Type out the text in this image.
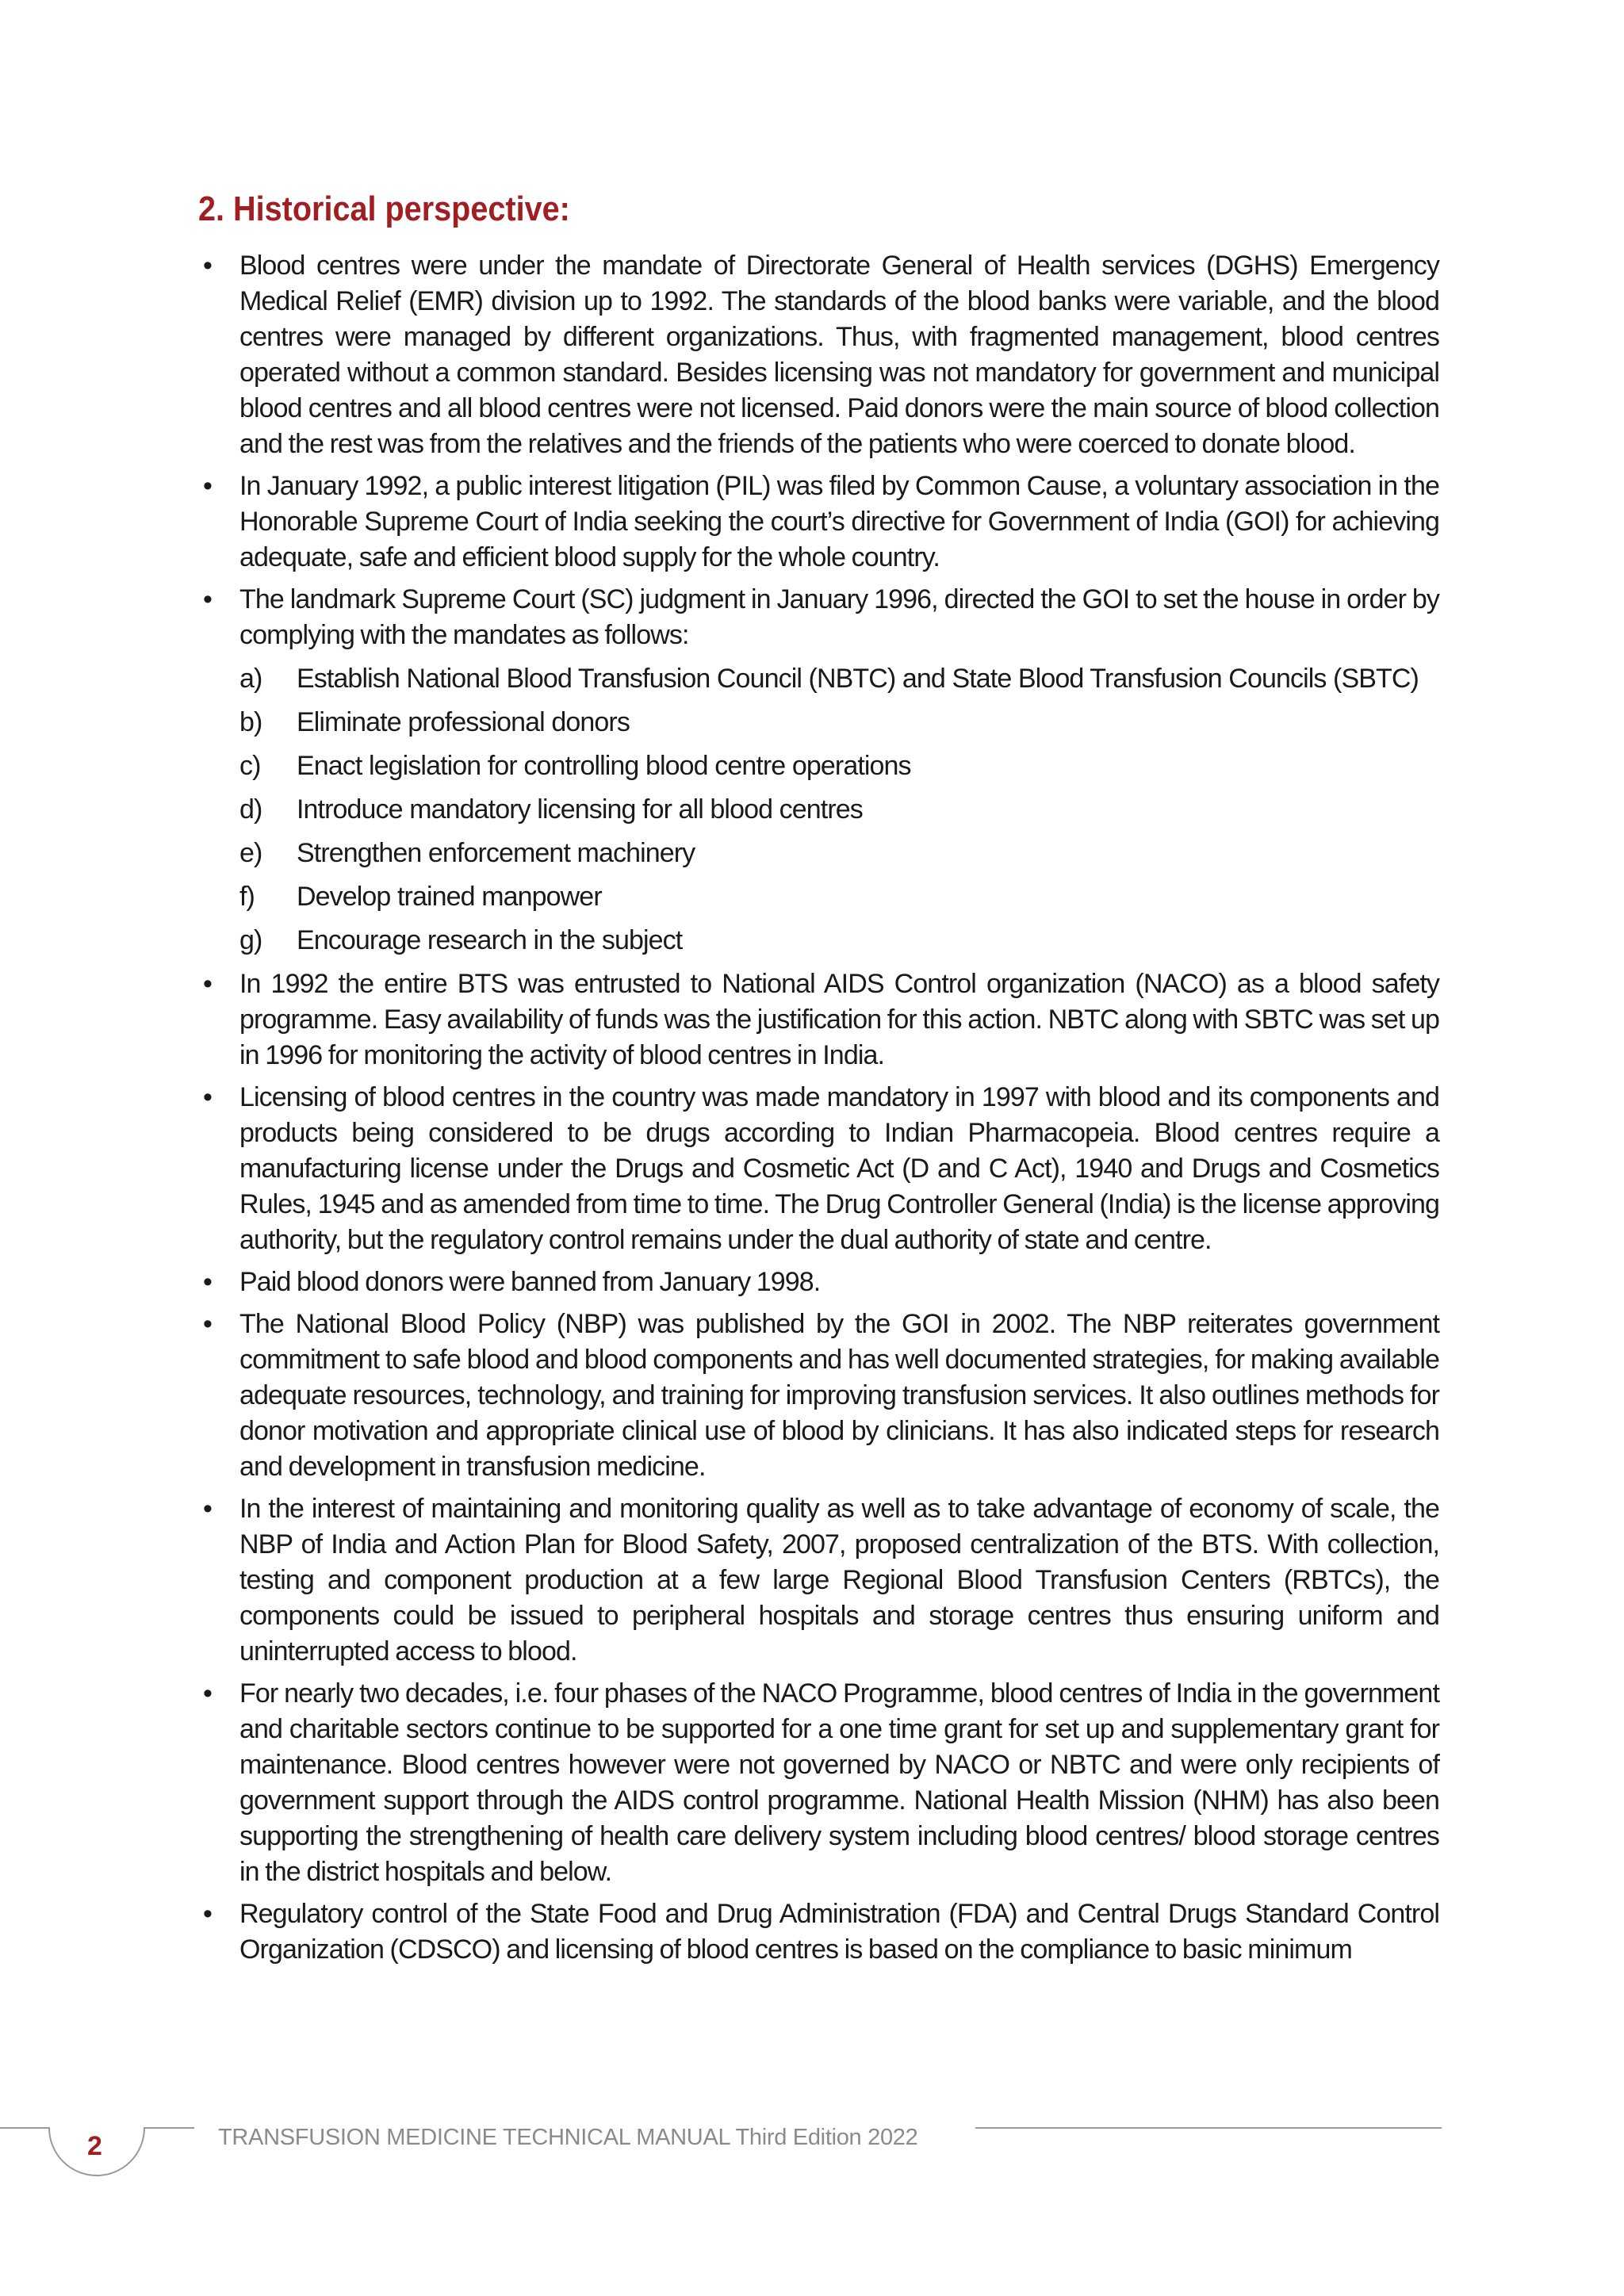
2. Historical perspective:
• Blood centres were under the mandate of Directorate General of Health services (DGHS) Emergency Medical Relief (EMR) division up to 1992. The standards of the blood banks were variable, and the blood centres were managed by different organizations. Thus, with fragmented management, blood centres operated without a common standard. Besides licensing was not mandatory for government and municipal blood centres and all blood centres were not licensed. Paid donors were the main source of blood collection and the rest was from the relatives and the friends of the patients who were coerced to donate blood.
• In January 1992, a public interest litigation (PIL) was filed by Common Cause, a voluntary association in the Honorable Supreme Court of India seeking the court’s directive for Government of India (GOI) for achieving adequate, safe and efficient blood supply for the whole country.
• The landmark Supreme Court (SC) judgment in January 1996, directed the GOI to set the house in order by complying with the mandates as follows:
a) Establish National Blood Transfusion Council (NBTC) and State Blood Transfusion Councils (SBTC)
b) Eliminate professional donors
c) Enact legislation for controlling blood centre operations
d) Introduce mandatory licensing for all blood centres
e) Strengthen enforcement machinery
f) Develop trained manpower
g) Encourage research in the subject
• In 1992 the entire BTS was entrusted to National AIDS Control organization (NACO) as a blood safety programme. Easy availability of funds was the justification for this action. NBTC along with SBTC was set up in 1996 for monitoring the activity of blood centres in India.
• Licensing of blood centres in the country was made mandatory in 1997 with blood and its components and products being considered to be drugs according to Indian Pharmacopeia. Blood centres require a manufacturing license under the Drugs and Cosmetic Act (D and C Act), 1940 and Drugs and Cosmetics Rules, 1945 and as amended from time to time. The Drug Controller General (India) is the license approving authority, but the regulatory control remains under the dual authority of state and centre.
• Paid blood donors were banned from January 1998.
• The National Blood Policy (NBP) was published by the GOI in 2002. The NBP reiterates government commitment to safe blood and blood components and has well documented strategies, for making available adequate resources, technology, and training for improving transfusion services. It also outlines methods for donor motivation and appropriate clinical use of blood by clinicians. It has also indicated steps for research and development in transfusion medicine.
• In the interest of maintaining and monitoring quality as well as to take advantage of economy of scale, the NBP of India and Action Plan for Blood Safety, 2007, proposed centralization of the BTS. With collection, testing and component production at a few large Regional Blood Transfusion Centers (RBTCs), the components could be issued to peripheral hospitals and storage centres thus ensuring uniform and uninterrupted access to blood.
• For nearly two decades, i.e. four phases of the NACO Programme, blood centres of India in the government and charitable sectors continue to be supported for a one time grant for set up and supplementary grant for maintenance. Blood centres however were not governed by NACO or NBTC and were only recipients of government support through the AIDS control programme. National Health Mission (NHM) has also been supporting the strengthening of health care delivery system including blood centres/ blood storage centres in the district hospitals and below.
• Regulatory control of the State Food and Drug Administration (FDA) and Central Drugs Standard Control Organization (CDSCO) and licensing of blood centres is based on the compliance to basic minimum
2	TRANSFUSION MEDICINE TECHNICAL MANUAL Third Edition 2022
